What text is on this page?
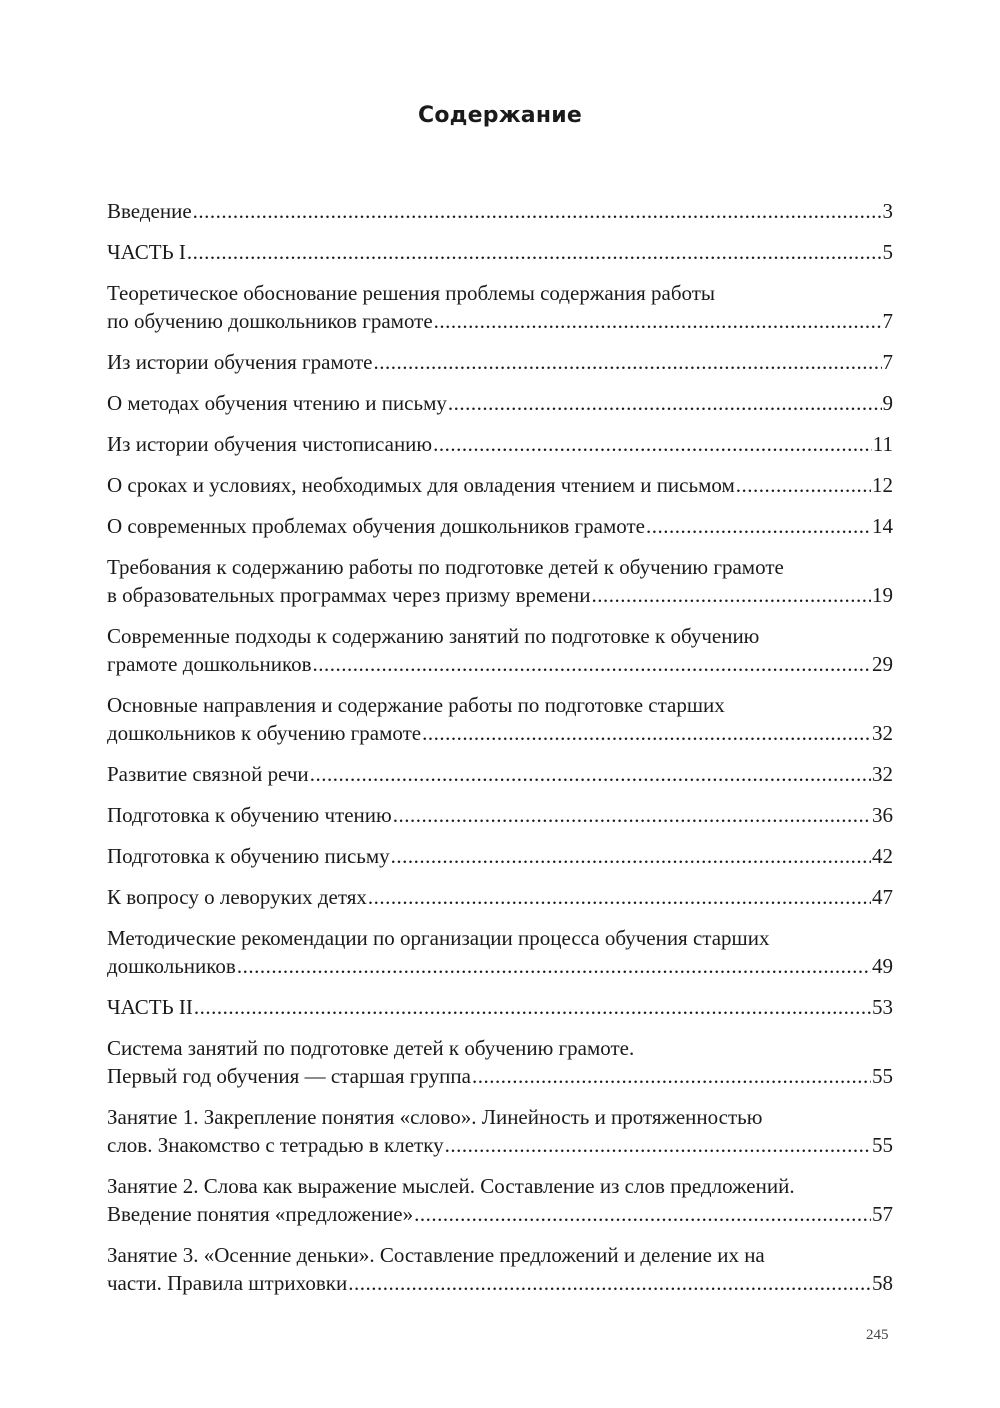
Содержание
Введение .....	3
ЧАСТЬ I .....	5
Теоретическое обоснование решения проблемы содержания работы
по обучению дошкольников грамоте .....	7
Из истории обучения грамоте .....	7
О методах обучения чтению и письму .....	9
Из истории обучения чистописанию .....	11
О сроках и условиях, необходимых для овладения чтением и письмом .....	12
О современных проблемах обучения дошкольников грамоте .....	14
Требования к содержанию работы по подготовке детей к обучению грамоте
в образовательных программах через призму времени .....	19
Современные подходы к содержанию занятий по подготовке к обучению
грамоте дошкольников .....	29
Основные направления и содержание работы по подготовке старших
дошкольников к обучению грамоте .....	32
Развитие связной речи .....	32
Подготовка к обучению чтению .....	36
Подготовка к обучению письму .....	42
К вопросу о леворуких детях .....	47
Методические рекомендации по организации процесса обучения старших
дошкольников .....	49
ЧАСТЬ II .....	53
Система занятий по подготовке детей к обучению грамоте.
Первый год обучения — старшая группа .....	55
Занятие 1. Закрепление понятия «слово». Линейность и протяженностью
слов. Знакомство с тетрадью в клетку .....	55
Занятие 2. Слова как выражение мыслей. Составление из слов предложений.
Введение понятия «предложение» .....	57
Занятие 3. «Осенние деньки». Составление предложений и деление их на
части. Правила штриховки .....	58
245
